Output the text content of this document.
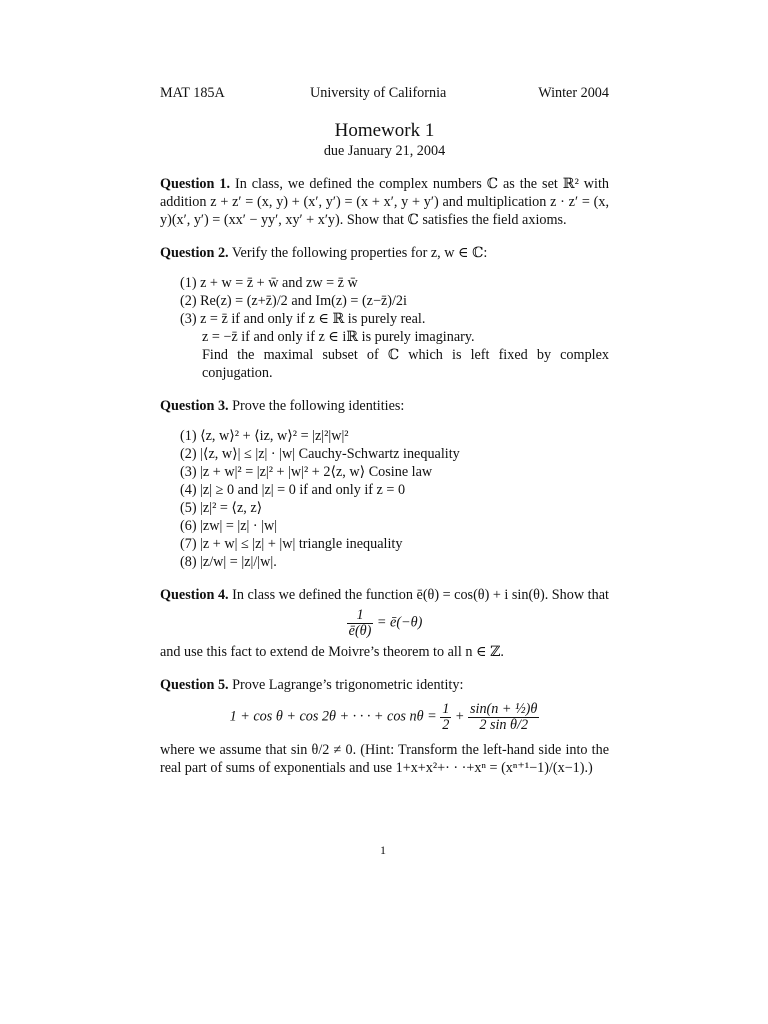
MAT 185A	University of California	Winter 2004
Homework 1
due January 21, 2004
Question 1. In class, we defined the complex numbers ℂ as the set ℝ² with addition z + z′ = (x, y) + (x′, y′) = (x + x′, y + y′) and multiplication z · z′ = (x, y)(x′, y′) = (xx′ − yy′, xy′ + x′y). Show that ℂ satisfies the field axioms.
Question 2. Verify the following properties for z, w ∈ ℂ:
(1) z + w = z̄ + w̄ and zw = z̄ w̄
(2) Re(z) = (z+z̄)/2 and Im(z) = (z−z̄)/2i
(3) z = z̄ if and only if z ∈ ℝ is purely real.
z = −z̄ if and only if z ∈ iℝ is purely imaginary.
Find the maximal subset of ℂ which is left fixed by complex conjugation.
Question 3. Prove the following identities:
(1) ⟨z, w⟩² + ⟨iz, w⟩² = |z|²|w|²
(2) |⟨z, w⟩| ≤ |z| · |w| Cauchy-Schwartz inequality
(3) |z + w|² = |z|² + |w|² + 2⟨z, w⟩ Cosine law
(4) |z| ≥ 0 and |z| = 0 if and only if z = 0
(5) |z|² = ⟨z, z⟩
(6) |zw| = |z| · |w|
(7) |z + w| ≤ |z| + |w| triangle inequality
(8) |z/w| = |z|/|w|.
Question 4. In class we defined the function ē(θ) = cos(θ) + i sin(θ). Show that
$\frac{1}{ē(\theta)}$ = ē(−θ)
and use this fact to extend de Moivre’s theorem to all n ∈ ℤ.
Question 5. Prove Lagrange’s trigonometric identity:
1 + cos θ + cos 2θ + · · · + $\cos n\theta = \frac{1}{2} + \frac{\text{sin(n + ½)θ}}{\text{2 sin θ/2}}$
where we assume that sin θ/2 ≠ 0. (Hint: Transform the left-hand side into the real part of sums of exponentials and use 1+x+x²+· · ·+xⁿ = (xⁿ⁺¹−1)/(x−1).)
1
